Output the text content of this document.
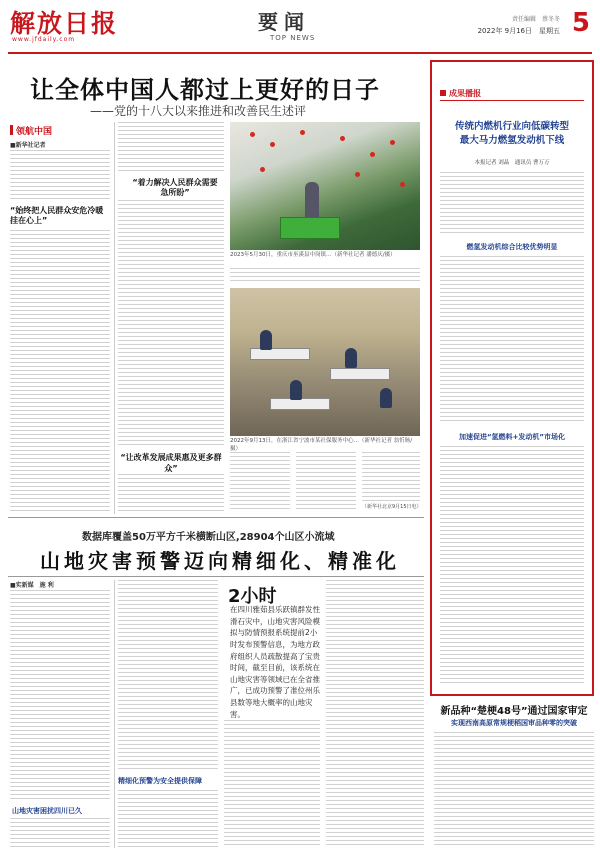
解放日报
www.jfdaily.com
要闻
TOP NEWS
责任编辑　蔡冬冬
2022年 9月16日　星期五 5
让全体中国人都过上更好的日子
——党的十八大以来推进和改善民生述评
领航中国
■新华社记者
“始终把人民群众安危冷暖挂在心上”
“着力解决人民群众需要急所盼”
“让改革发展成果惠及更多群众”
2023年5月30日，重庆市巫溪县中岗镇…（新华社记者 潘德庆/摄）
2022年9月13日，在浙江省宁波市某社保服务中心…（新华社记者 翁忻旸/摄）
（新华社北京9月15日电）
成果播报
传统内燃机行业向低碳转型
最大马力燃氢发动机下线
本报记者 刘晶　通讯员 曹万万
燃氢发动机综合比较优势明显
加速促进“氢燃料+发动机”市场化
数据库覆盖50万平方千米横断山区,28904个山区小流域
山地灾害预警迈向精细化、精准化
■实新媒　施 利
山地灾害困扰四川已久
精细化预警为安全提供保障
2小时
在四川雅茹县乐跃镇群发性滑石灾中，山地灾害风险模拟与防情预报系统提前2小时发布预警信息，为地方政府组织人员疏散提高了宝贵时间，截至目前，该系统在山地灾害等领域已在全省推广，已成功预警了准位州乐县数等地大概率的山地灾害。	新品种“楚梗48号”通过国家审定
实现西南高原常规梗稻国审品种零的突破
